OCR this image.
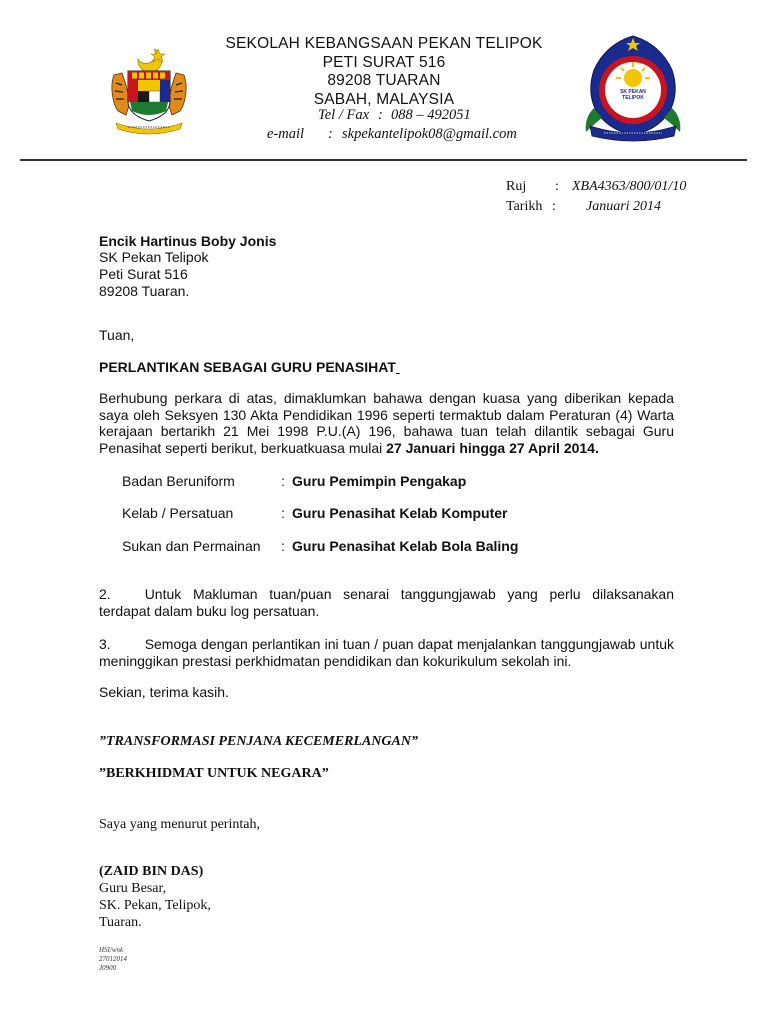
SK PEKAN TELIPOK
SEKOLAH KEBANGSAAN PEKAN TELIPOK
PETI SURAT 516
89208 TUARAN
SABAH, MALAYSIA
Tel / Fax : 088 – 492051
e-mail : skpekantelipok08@gmail.com
Ruj : XBA4363/800/01/10
Tarikh : Januari 2014
Encik Hartinus Boby Jonis
SK Pekan Telipok
Peti Surat 516
89208 Tuaran.
Tuan,
PERLANTIKAN SEBAGAI GURU PENASIHAT
Berhubung perkara di atas, dimaklumkan bahawa dengan kuasa yang diberikan kepada saya oleh Seksyen 130 Akta Pendidikan 1996 seperti termaktub dalam Peraturan (4) Warta kerajaan bertarikh 21 Mei 1998 P.U.(A) 196, bahawa tuan telah dilantik sebagai Guru Penasihat seperti berikut, berkuatkuasa mulai 27 Januari hingga 27 April 2014.
Badan Beruniform	: Guru Pemimpin Pengakap
Kelab / Persatuan	: Guru Penasihat Kelab Komputer
Sukan dan Permainan : Guru Penasihat Kelab Bola Baling
2. Untuk Makluman tuan/puan senarai tanggungjawab yang perlu dilaksanakan terdapat dalam buku log persatuan.
3. Semoga dengan perlantikan ini tuan / puan dapat menjalankan tanggungjawab untuk meninggikan prestasi perkhidmatan pendidikan dan kokurikulum sekolah ini.
Sekian, terima kasih.
”TRANSFORMASI PENJANA KECEMERLANGAN”
”BERKHIDMAT UNTUK NEGARA”
Saya yang menurut perintah,
(ZAID BIN DAS)
Guru Besar,
SK. Pekan, Telipok,
Tuaran.
HSI/wnk
27012014
J0900
